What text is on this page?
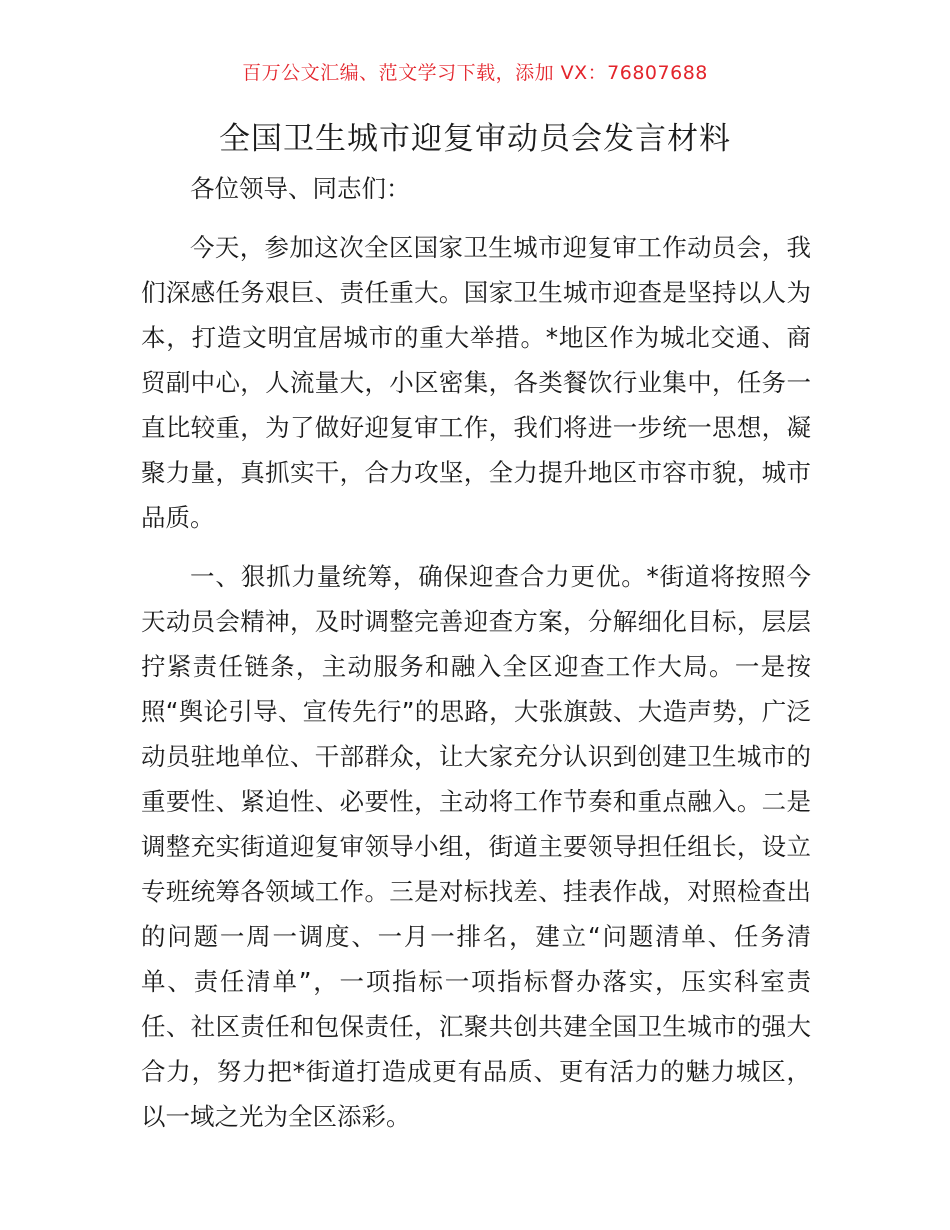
百万公文汇编、范文学习下载，添加 VX：76807688
全国卫生城市迎复审动员会发言材料

各位领导、同志们：

今天，参加这次全区国家卫生城市迎复审工作动员会，我们深感任务艰巨、责任重大。国家卫生城市迎查是坚持以人为本，打造文明宜居城市的重大举措。*地区作为城北交通、商贸副中心，人流量大，小区密集，各类餐饮行业集中，任务一直比较重，为了做好迎复审工作，我们将进一步统一思想，凝聚力量，真抓实干，合力攻坚，全力提升地区市容市貌，城市品质。

一、狠抓力量统筹，确保迎查合力更优。*街道将按照今天动员会精神，及时调整完善迎查方案，分解细化目标，层层拧紧责任链条，主动服务和融入全区迎查工作大局。一是按照“舆论引导、宣传先行”的思路，大张旗鼓、大造声势，广泛动员驻地单位、干部群众，让大家充分认识到创建卫生城市的重要性、紧迫性、必要性，主动将工作节奏和重点融入。二是调整充实街道迎复审领导小组，街道主要领导担任组长，设立专班统筹各领域工作。三是对标找差、挂表作战，对照检查出的问题一周一调度、一月一排名，建立“问题清单、任务清单、责任清单”，一项指标一项指标督办落实，压实科室责任、社区责任和包保责任，汇聚共创共建全国卫生城市的强大合力，努力把*街道打造成更有品质、更有活力的魅力城区，以一域之光为全区添彩。
